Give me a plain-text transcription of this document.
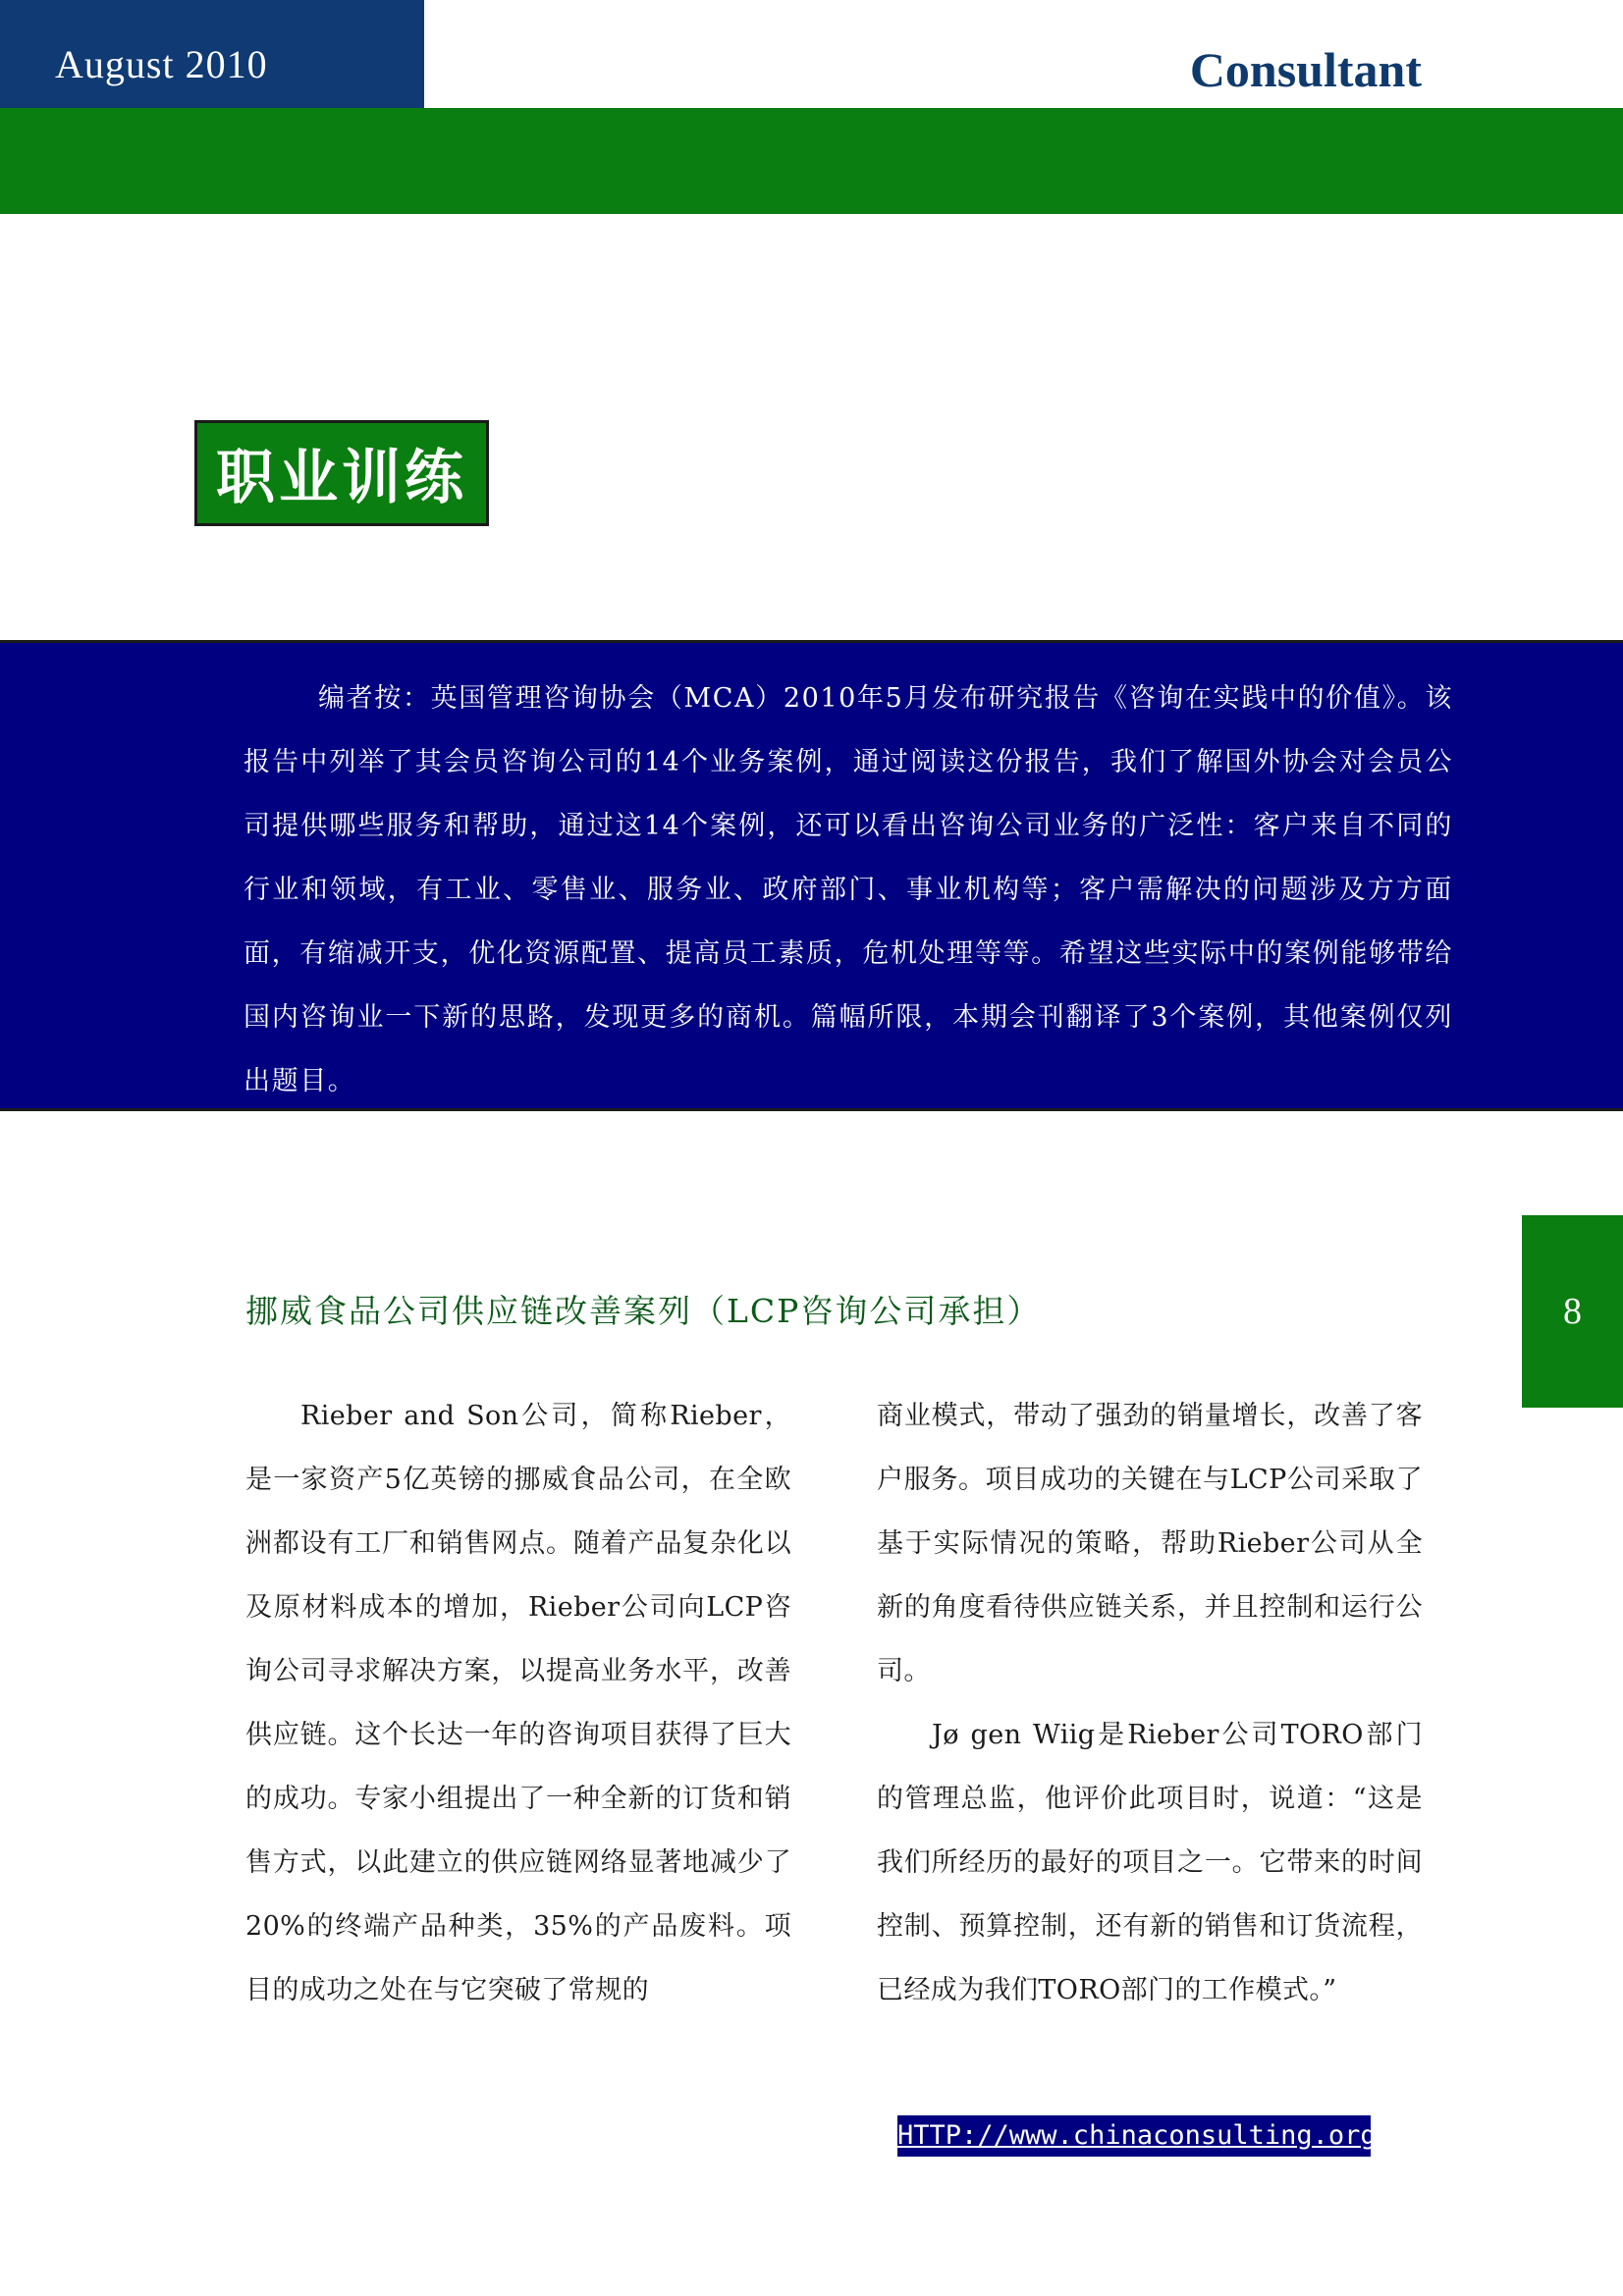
August 2010	Consultant
职业训练

编者按：英国管理咨询协会（MCA）2010年5月发布研究报告《咨询在实践中的价值》。该报告中列举了其会员咨询公司的14个业务案例，通过阅读这份报告，我们了解国外协会对会员公司提供哪些服务和帮助，通过这14个案例，还可以看出咨询公司业务的广泛性：客户来自不同的行业和领域，有工业、零售业、服务业、政府部门、事业机构等；客户需解决的问题涉及方方面面，有缩减开支，优化资源配置、提高员工素质，危机处理等等。希望这些实际中的案例能够带给国内咨询业一下新的思路，发现更多的商机。篇幅所限，本期会刊翻译了3个案例，其他案例仅列出题目。

8
挪威食品公司供应链改善案列（LCP咨询公司承担）

Rieber and Son公司，简称Rieber，是一家资产5亿英镑的挪威食品公司，在全欧洲都设有工厂和销售网点。随着产品复杂化以及原材料成本的增加，Rieber公司向LCP咨询公司寻求解决方案，以提高业务水平，改善供应链。这个长达一年的咨询项目获得了巨大的成功。专家小组提出了一种全新的订货和销售方式，以此建立的供应链网络显著地减少了20%的终端产品种类，35%的产品废料。项目的成功之处在与它突破了常规的

商业模式，带动了强劲的销量增长，改善了客户服务。项目成功的关键在与LCP公司采取了基于实际情况的策略，帮助Rieber公司从全新的角度看待供应链关系，并且控制和运行公司。

Jø gen Wiig是Rieber公司TORO部门的管理总监，他评价此项目时，说道：“这是我们所经历的最好的项目之一。它带来的时间控制、预算控制，还有新的销售和订货流程，已经成为我们TORO部门的工作模式。”

HTTP://www.chinaconsulting.org.cn
